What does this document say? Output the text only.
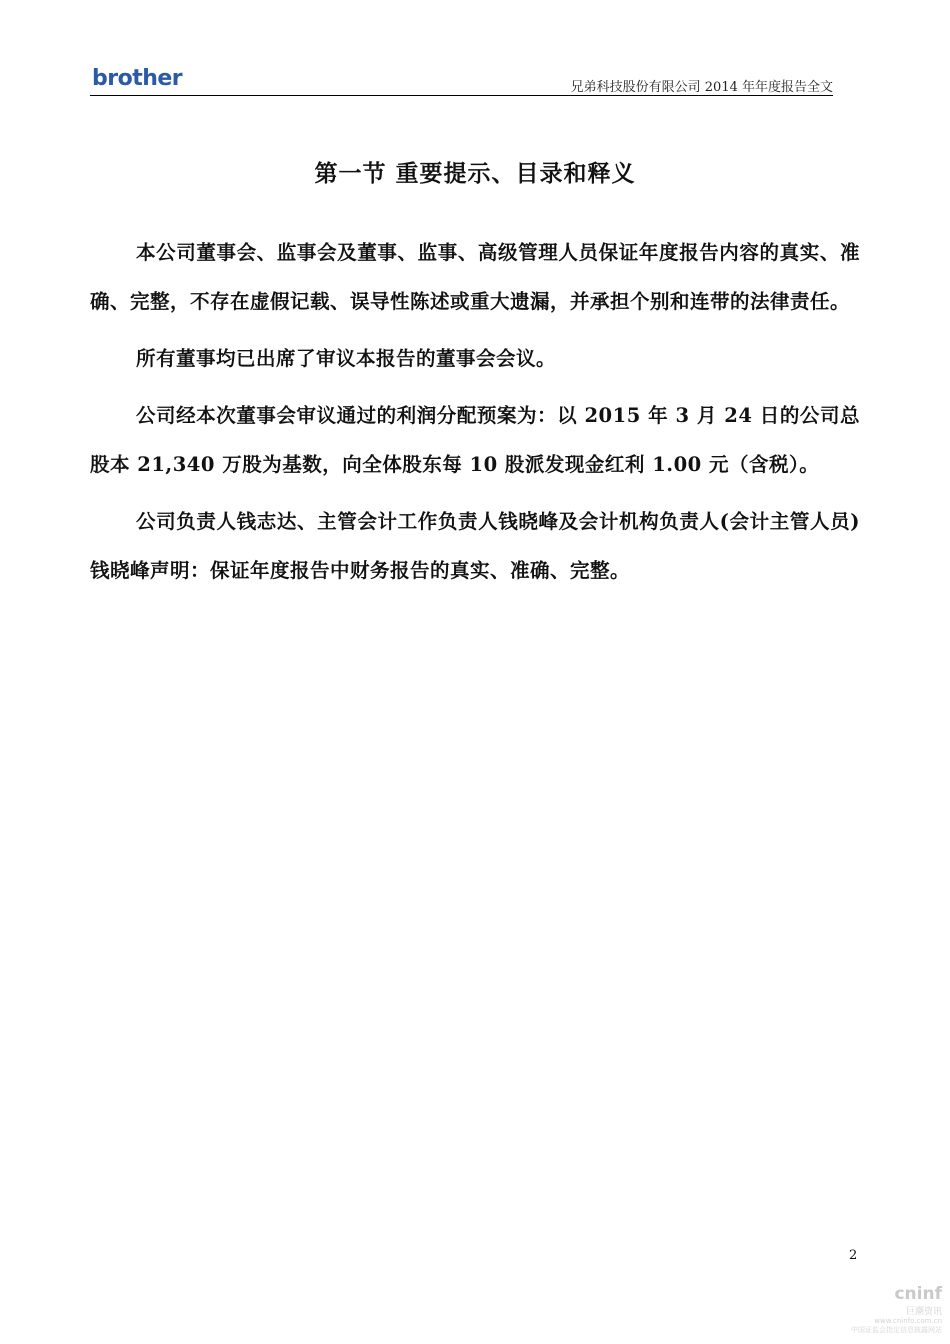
brother	兄弟科技股份有限公司 2014 年年度报告全文
第一节 重要提示、目录和释义

本公司董事会、监事会及董事、监事、高级管理人员保证年度报告内容的真实、准确、完整，不存在虚假记载、误导性陈述或重大遗漏，并承担个别和连带的法律责任。

所有董事均已出席了审议本报告的董事会会议。

公司经本次董事会审议通过的利润分配预案为：以 2015 年 3 月 24 日的公司总股本 21,340 万股为基数，向全体股东每 10 股派发现金红利 1.00 元（含税）。

公司负责人钱志达、主管会计工作负责人钱晓峰及会计机构负责人(会计主管人员)钱晓峰声明：保证年度报告中财务报告的真实、准确、完整。

2
cninf
巨潮资讯
www.cninfo.com.cn
中国证监会指定信息披露网站
